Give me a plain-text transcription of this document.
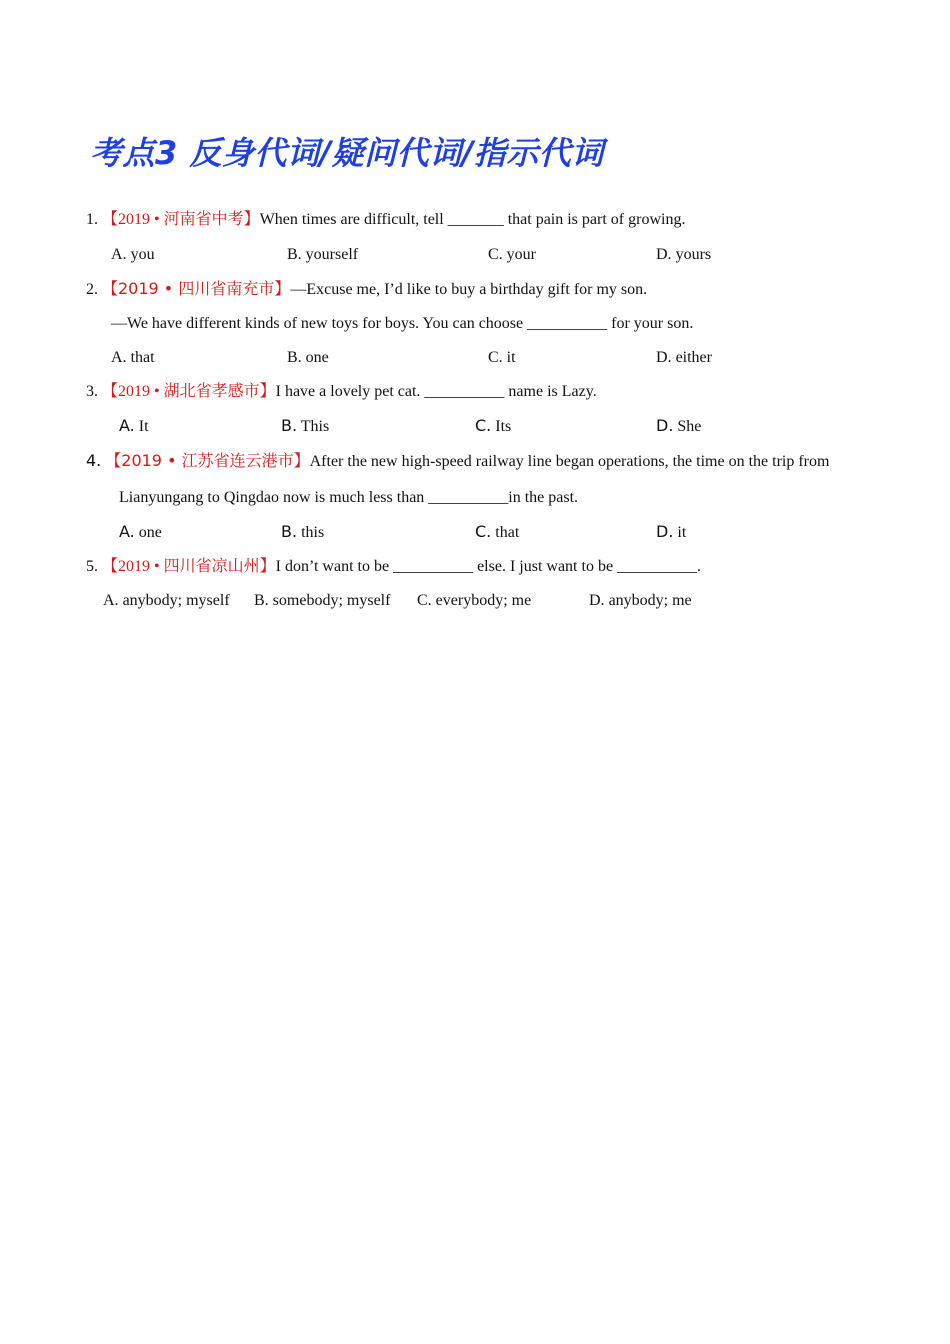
考点3 反身代词/疑问代词/指示代词
1. 【2019 • 河南省中考】When times are difficult, tell _______ that pain is part of growing.
A. you	B. yourself	C. your	D. yours
2. 【2019 • 四川省南充市】—Excuse me, I’d like to buy a birthday gift for my son.
—We have different kinds of new toys for boys. You can choose __________ for your son.
A. that	B. one	C. it	D. either
3. 【2019 • 湖北省孝感市】I have a lovely pet cat. __________ name is Lazy.
A. It	B. This	C. Its	D. She
4. 【2019 • 江苏省连云港市】After the new high-speed railway line began operations, the time on the trip from
Lianyungang to Qingdao now is much less than __________in the past.
A. one	B. this	C. that	D. it
5. 【2019 • 四川省凉山州】I don’t want to be __________ else. I just want to be __________.
A. anybody; myself B. somebody; myself C. everybody; me	D. anybody; me
